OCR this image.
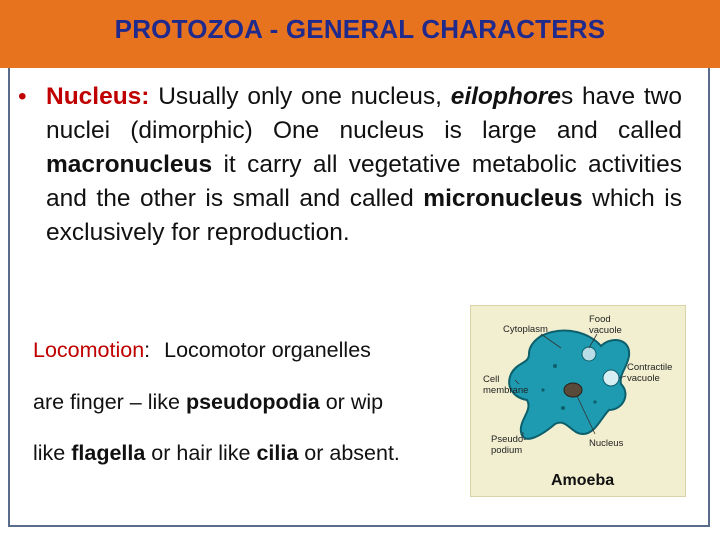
PROTOZOA - GENERAL CHARACTERS
• Nucleus: Usually only one nucleus, eilophores have two nuclei (dimorphic) One nucleus is large and called macronucleus it carry all vegetative metabolic activities and the other is small and called micronucleus which is exclusively for reproduction.
Locomotion: Locomotor organelles
are finger – like pseudopodia or wip
like flagella or hair like cilia or absent.
Cytoplasm
Food
vacuole
Contractile
vacuole
Cell
membrane
Pseudo-
podium
Nucleus
Amoeba
